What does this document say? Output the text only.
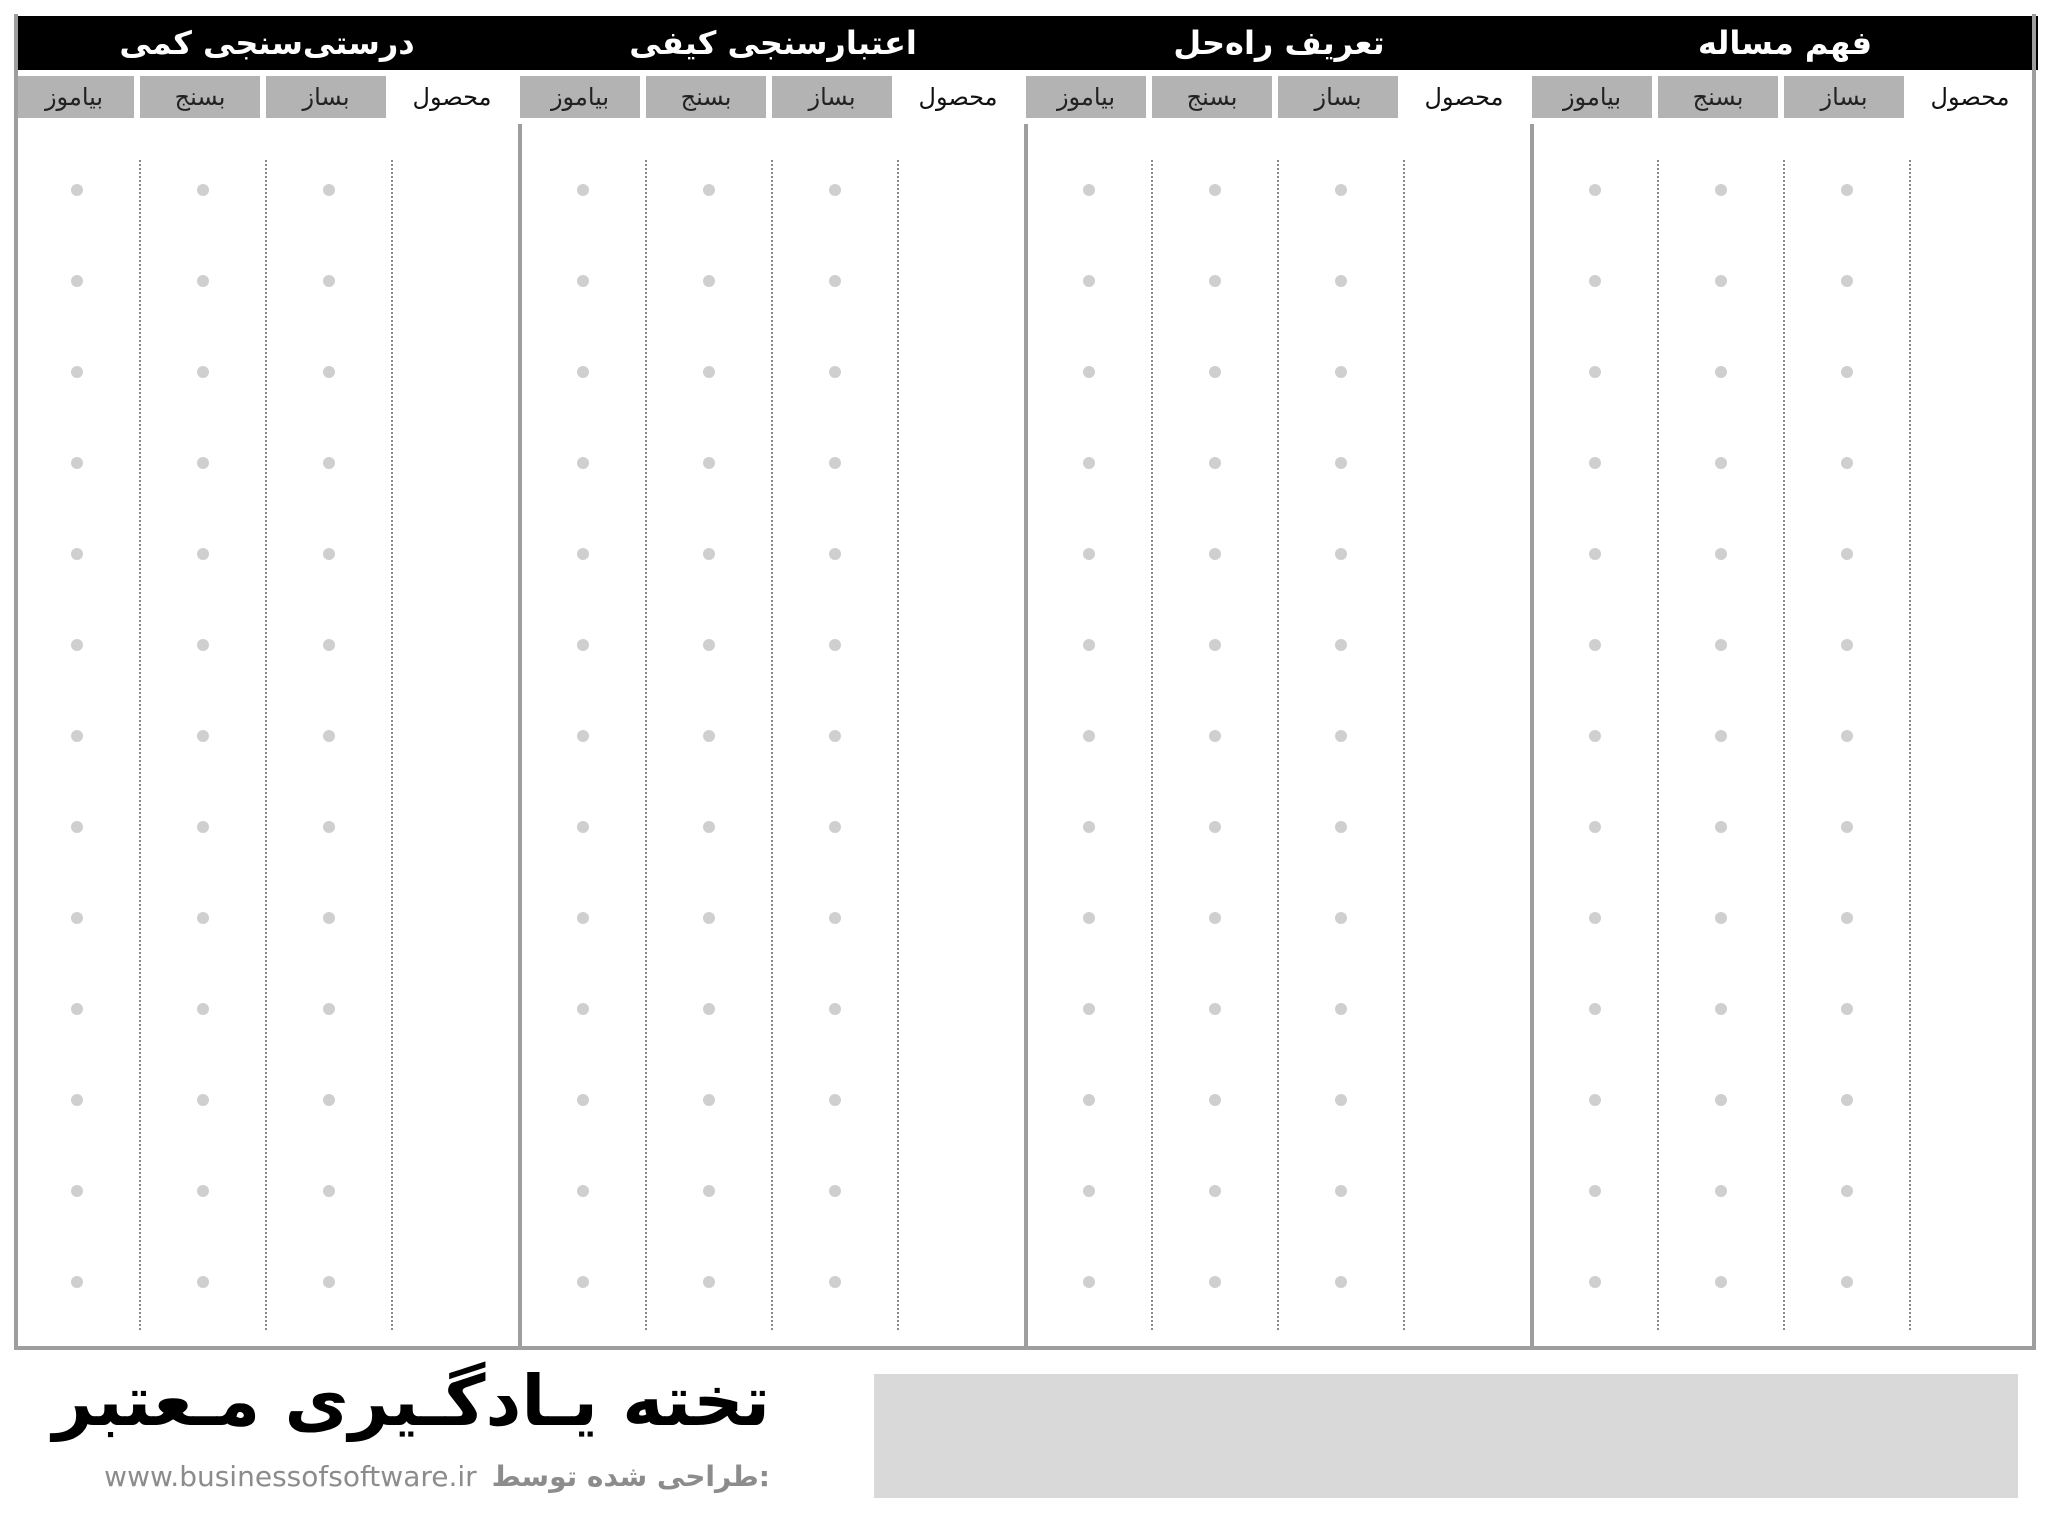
درستی‌سنجی کمی
بیاموز	بسنج	بساز	محصول
اعتبارسنجی کیفی
بیاموز	بسنج	بساز	محصول
تعریف راه‌حل
بیاموز	بسنج	بساز	محصول
فهم مساله
بیاموز	بسنج	بساز	محصول
تخته یـادگـیری مـعتبر
www.businessofsoftware.ir طراحی شده توسط:
